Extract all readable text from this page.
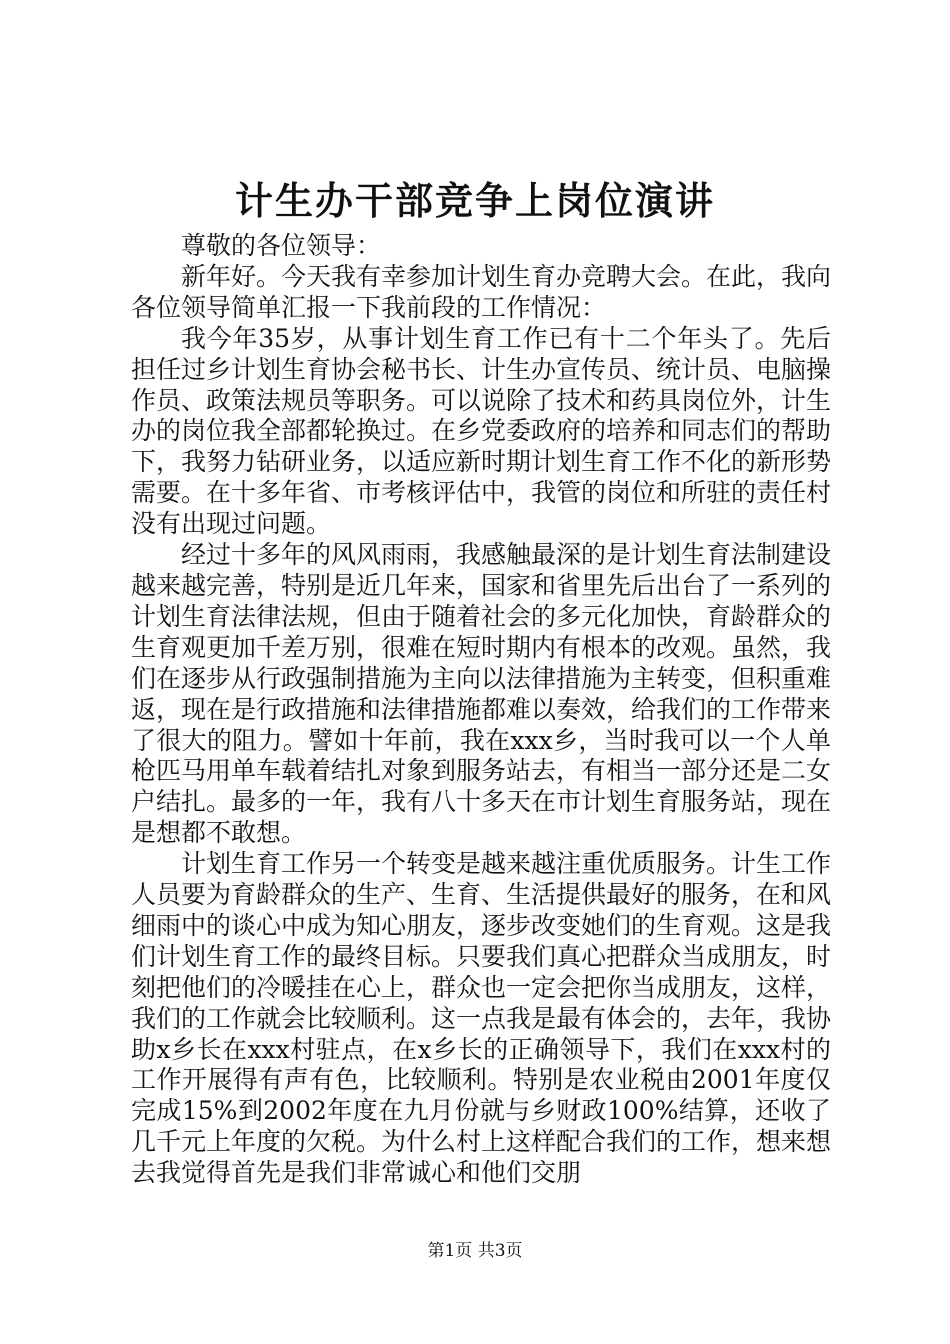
计生办干部竞争上岗位演讲

尊敬的各位领导：

新年好。今天我有幸参加计划生育办竞聘大会。在此，我向各位领导简单汇报一下我前段的工作情况：

我今年35岁，从事计划生育工作已有十二个年头了。先后担任过乡计划生育协会秘书长、计生办宣传员、统计员、电脑操作员、政策法规员等职务。可以说除了技术和药具岗位外，计生办的岗位我全部都轮换过。在乡党委政府的培养和同志们的帮助下，我努力钻研业务，以适应新时期计划生育工作不化的新形势需要。在十多年省、市考核评估中，我管的岗位和所驻的责任村没有出现过问题。

经过十多年的风风雨雨，我感触最深的是计划生育法制建设越来越完善，特别是近几年来，国家和省里先后出台了一系列的计划生育法律法规，但由于随着社会的多元化加快，育龄群众的生育观更加千差万别，很难在短时期内有根本的改观。虽然，我们在逐步从行政强制措施为主向以法律措施为主转变，但积重难返，现在是行政措施和法律措施都难以奏效，给我们的工作带来了很大的阻力。譬如十年前，我在xxx乡，当时我可以一个人单枪匹马用单车载着结扎对象到服务站去，有相当一部分还是二女户结扎。最多的一年，我有八十多天在市计划生育服务站，现在是想都不敢想。

计划生育工作另一个转变是越来越注重优质服务。计生工作人员要为育龄群众的生产、生育、生活提供最好的服务，在和风细雨中的谈心中成为知心朋友，逐步改变她们的生育观。这是我们计划生育工作的最终目标。只要我们真心把群众当成朋友，时刻把他们的冷暖挂在心上，群众也一定会把你当成朋友，这样，我们的工作就会比较顺利。这一点我是最有体会的，去年，我协助x乡长在xxx村驻点，在x乡长的正确领导下，我们在xxx村的工作开展得有声有色，比较顺利。特别是农业税由2001年度仅完成15%到2002年度在九月份就与乡财政100%结算，还收了几千元上年度的欠税。为什么村上这样配合我们的工作，想来想去我觉得首先是我们非常诚心和他们交朋

第1页 共3页
